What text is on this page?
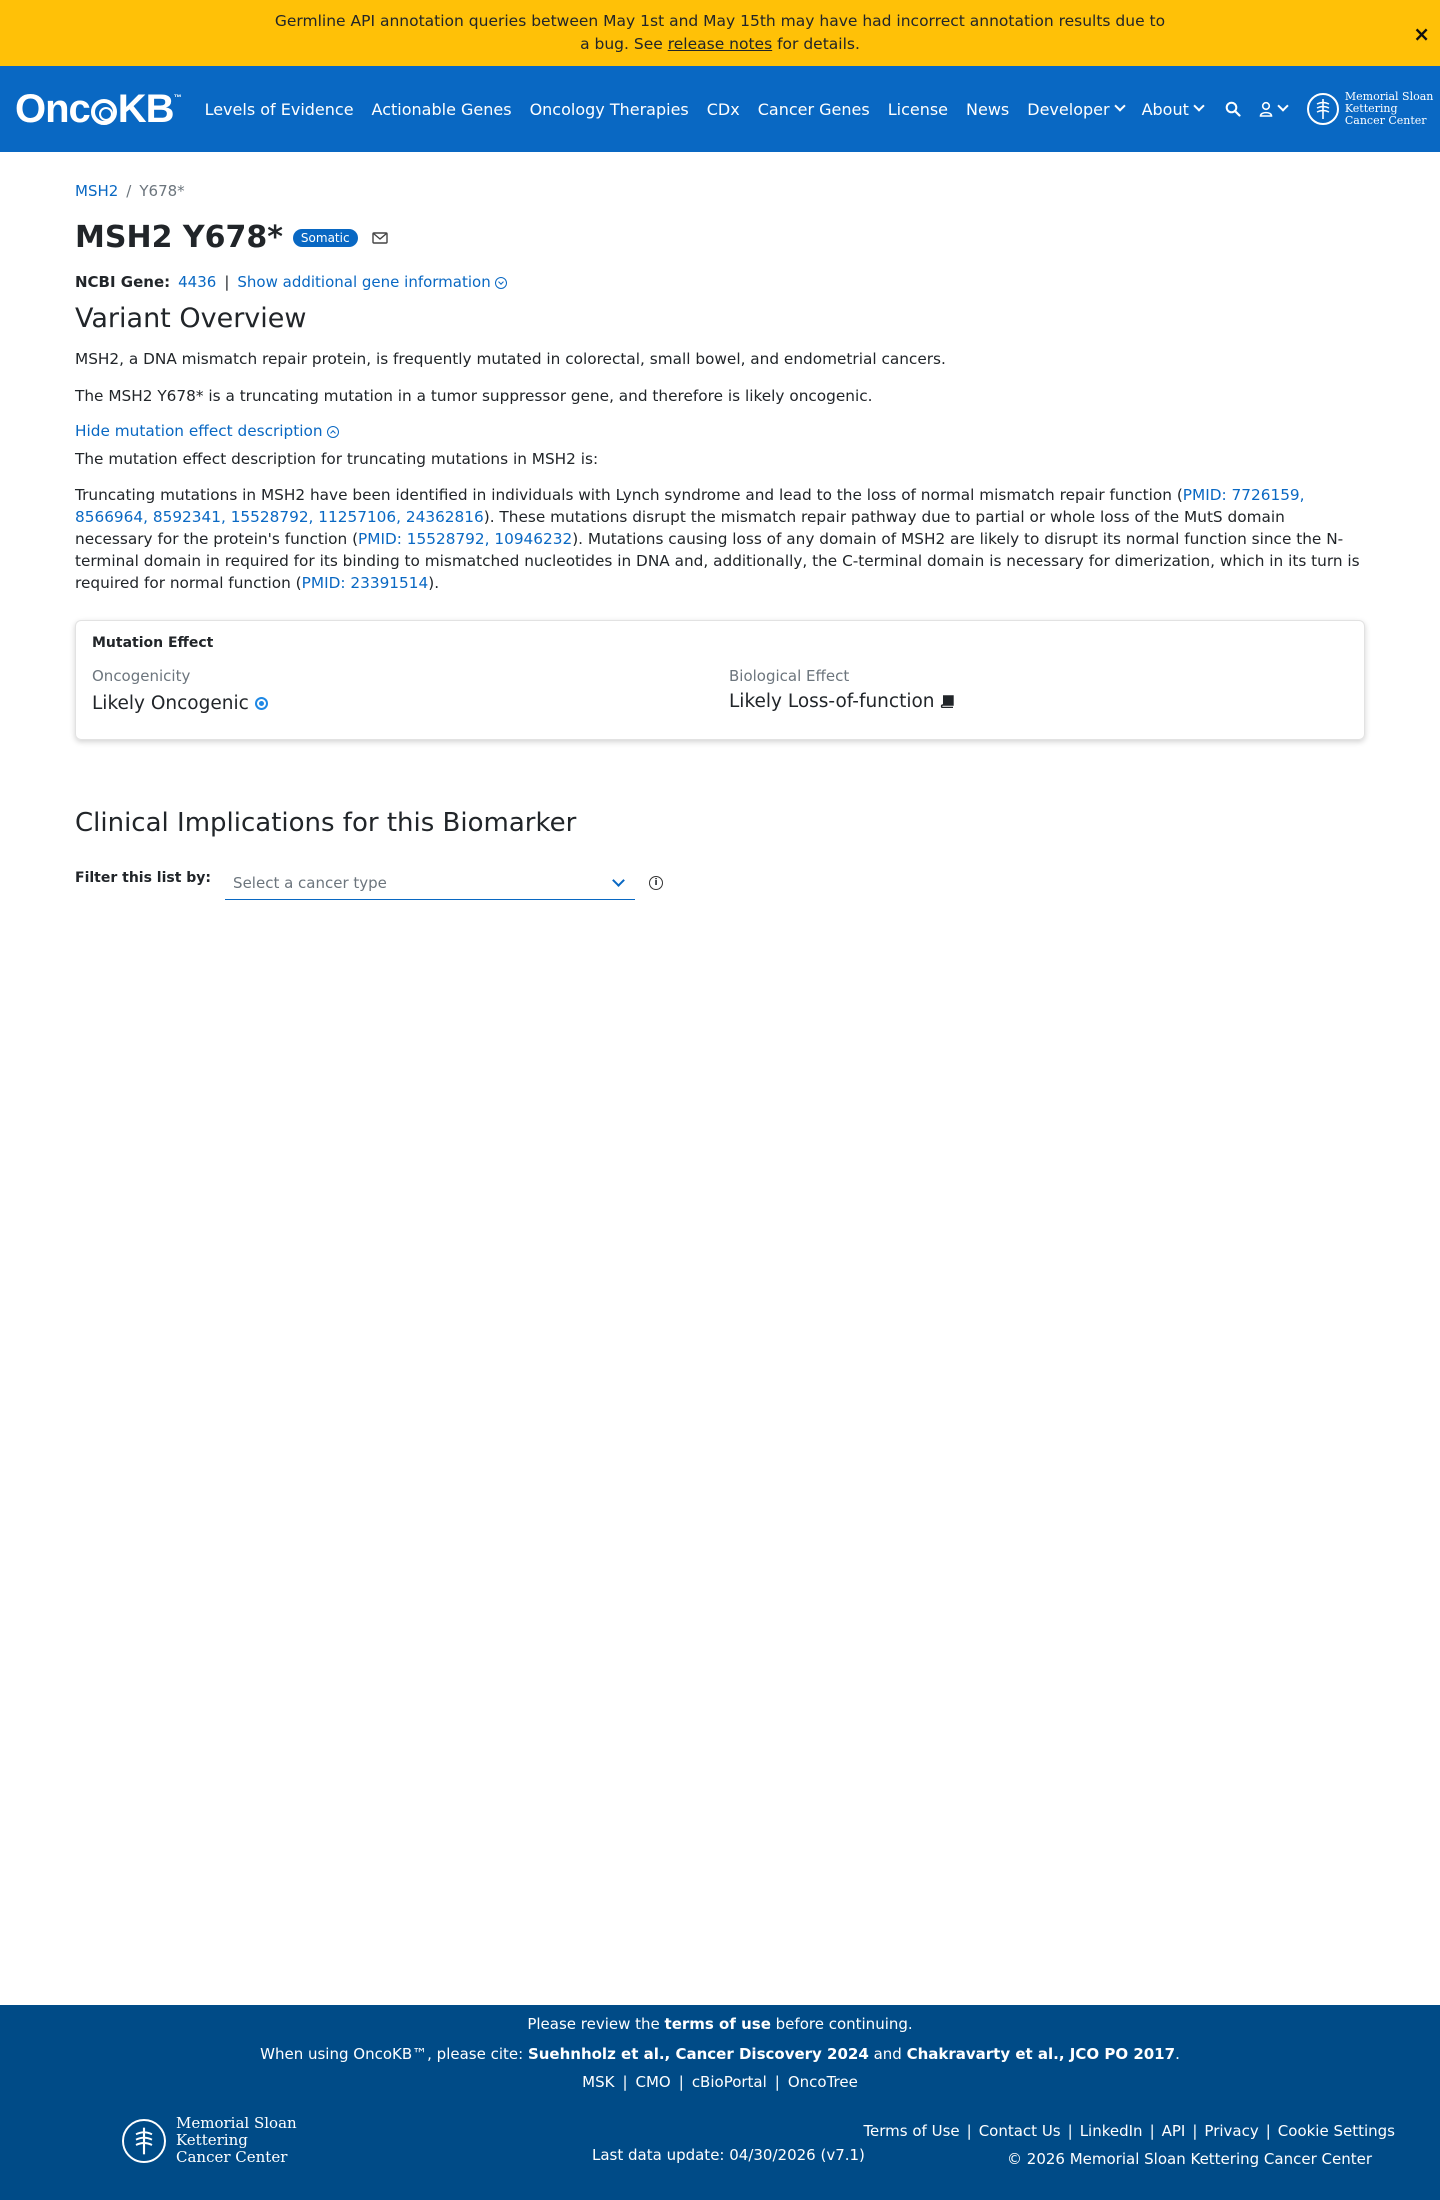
Germline API annotation queries between May 1st and May 15th may have had incorrect annotation results due to a bug. See release notes for details.	×
Onc KB ™
Levels of Evidence Actionable Genes Oncology Therapies CDx Cancer Genes License News Developer About
Memorial Sloan Kettering
Cancer Center
MSH2 / Y678*
MSH2 Y678*	Somatic
NCBI Gene: 4436 | Show additional gene information
Variant Overview

MSH2, a DNA mismatch repair protein, is frequently mutated in colorectal, small bowel, and endometrial cancers.

The MSH2 Y678* is a truncating mutation in a tumor suppressor gene, and therefore is likely oncogenic.

Hide mutation effect description

The mutation effect description for truncating mutations in MSH2 is:

Truncating mutations in MSH2 have been identified in individuals with Lynch syndrome and lead to the loss of normal mismatch repair function (PMID: 7726159, 8566964, 8592341, 15528792, 11257106, 24362816). These mutations disrupt the mismatch repair pathway due to partial or whole loss of the MutS domain necessary for the protein's function (PMID: 15528792, 10946232). Mutations causing loss of any domain of MSH2 are likely to disrupt its normal function since the N-terminal domain in required for its binding to mismatched nucleotides in DNA and, additionally, the C-terminal domain is necessary for dimerization, which in its turn is required for normal function (PMID: 23391514).

Mutation Effect
Oncogenicity
Likely Oncogenic
Biological Effect
Likely Loss-of-function
Clinical Implications for this Biomarker
Filter this list by: Select a cancer type	i
Please review the terms of use before continuing.
When using OncoKB™, please cite: Suehnholz et al., Cancer Discovery 2024 and Chakravarty et al., JCO PO 2017.
MSK | CMO | cBioPortal | OncoTree
Memorial Sloan Kettering
Cancer Center	Last data update: 04/30/2026 (v7.1)
Terms of Use | Contact Us | LinkedIn | API | Privacy | Cookie Settings
© 2026 Memorial Sloan Kettering Cancer Center
